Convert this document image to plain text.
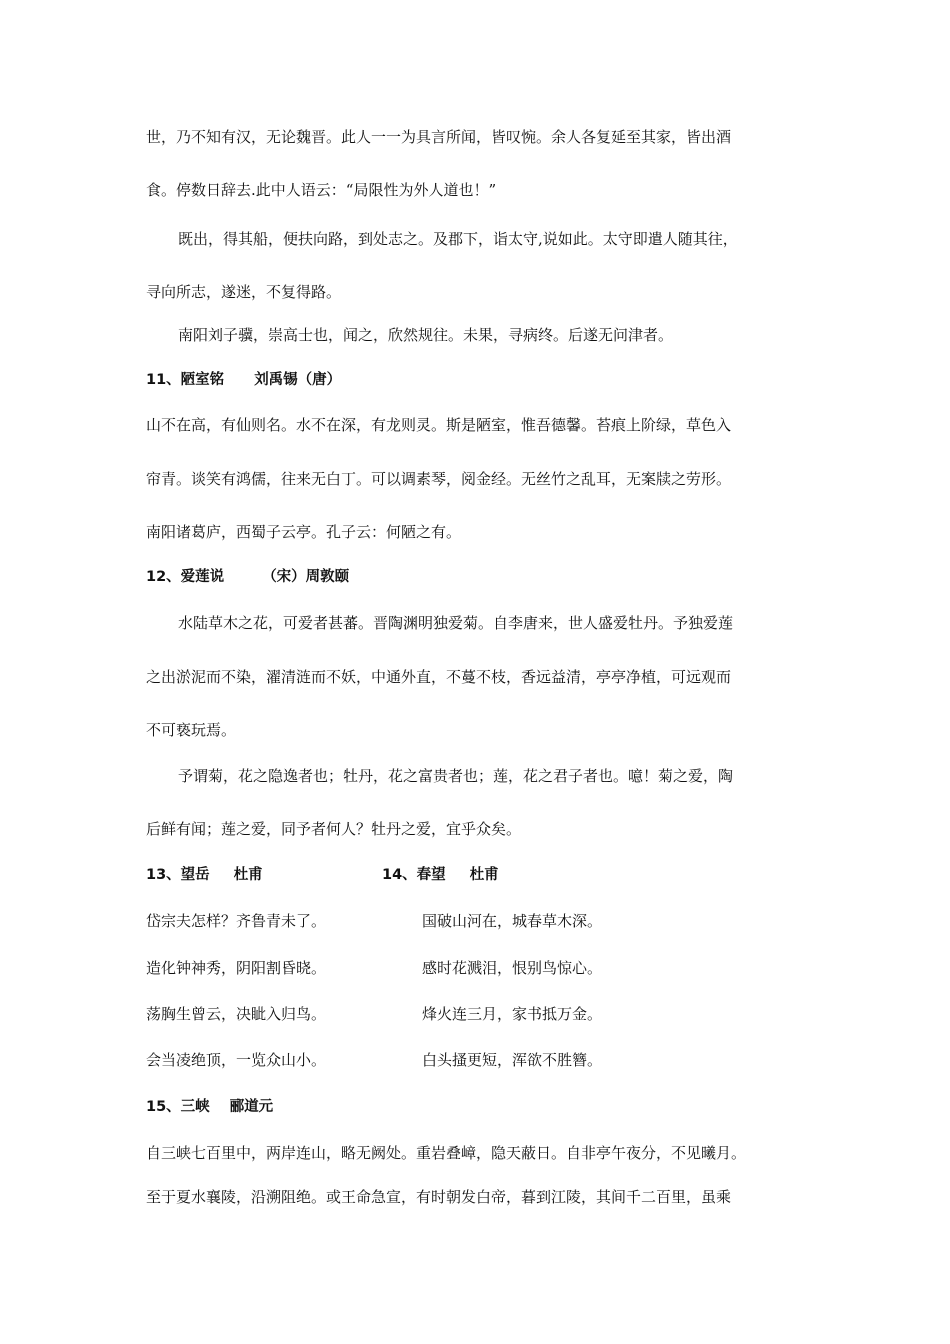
世，乃不知有汉，无论魏晋。此人一一为具言所闻，皆叹惋。余人各复延至其家，皆出酒
食。停数日辞去.此中人语云：“局限性为外人道也！”
既出，得其船，便扶向路，到处志之。及郡下，诣太守,说如此。太守即遣人随其往，
寻向所志，遂迷，不复得路。
南阳刘子骥，崇高士也，闻之，欣然规往。未果，寻病终。后遂无问津者。
11、陋室铭 刘禹锡（唐）
山不在高，有仙则名。水不在深，有龙则灵。斯是陋室，惟吾德馨。苔痕上阶绿，草色入
帘青。谈笑有鸿儒，往来无白丁。可以调素琴，阅金经。无丝竹之乱耳，无案牍之劳形。
南阳诸葛庐，西蜀子云亭。孔子云：何陋之有。
12、爱莲说	（宋）周敦颐
水陆草木之花，可爱者甚蕃。晋陶渊明独爱菊。自李唐来，世人盛爱牡丹。予独爱莲
之出淤泥而不染，濯清涟而不妖，中通外直，不蔓不枝，香远益清，亭亭净植，可远观而
不可亵玩焉。
予谓菊，花之隐逸者也；牡丹，花之富贵者也；莲，花之君子者也。噫！菊之爱，陶
后鲜有闻；莲之爱，同予者何人？牡丹之爱，宜乎众矣。
13、望岳 杜甫	14、春望 杜甫
岱宗夫怎样？齐鲁青未了。	国破山河在，城春草木深。
造化钟神秀，阴阳割昏晓。	感时花溅泪，恨别鸟惊心。
荡胸生曾云，决眦入归鸟。	烽火连三月，家书抵万金。
会当凌绝顶，一览众山小。	白头搔更短，浑欲不胜簪。
15、三峡 郦道元
自三峡七百里中，两岸连山，略无阙处。重岩叠嶂，隐天蔽日。自非亭午夜分，不见曦月。
至于夏水襄陵，沿溯阻绝。或王命急宣，有时朝发白帝，暮到江陵，其间千二百里，虽乘
